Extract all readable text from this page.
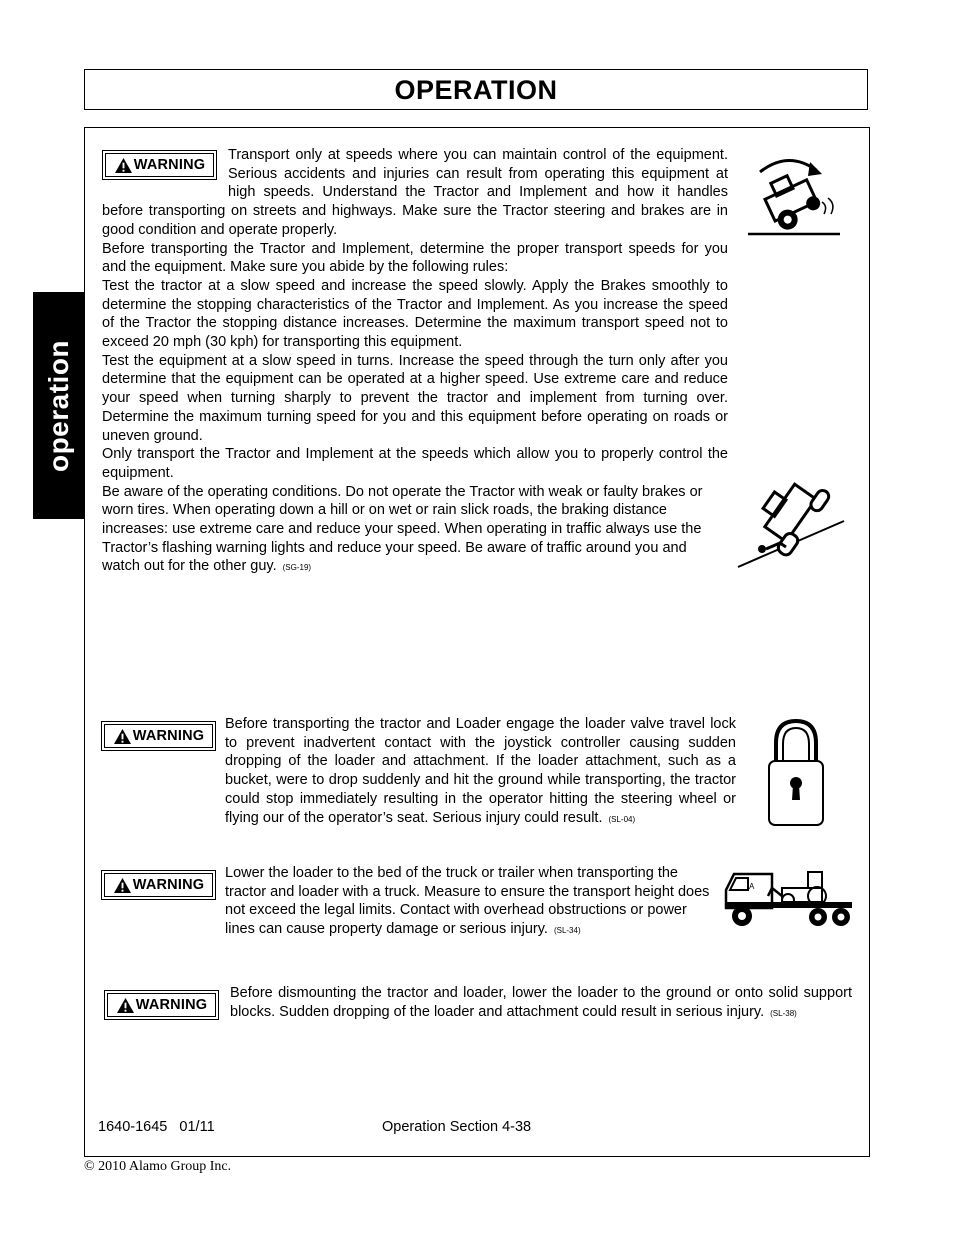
OPERATION
operation
WARNING

Transport only at speeds where you can maintain control of the equipment. Serious accidents and injuries can result from operating this equipment at high speeds. Understand the Tractor and Implement and how it handles before transporting on streets and highways. Make sure the Tractor steering and brakes are in good condition and operate properly.

Before transporting the Tractor and Implement, determine the proper transport speeds for you and the equipment. Make sure you abide by the following rules:

Test the tractor at a slow speed and increase the speed slowly. Apply the Brakes smoothly to determine the stopping characteristics of the Tractor and Implement. As you increase the speed of the Tractor the stopping distance increases. Determine the maximum transport speed not to exceed 20 mph (30 kph) for transporting this equipment.

Test the equipment at a slow speed in turns. Increase the speed through the turn only after you determine that the equipment can be operated at a higher speed. Use extreme care and reduce your speed when turning sharply to prevent the tractor and implement from turning over. Determine the maximum turning speed for you and this equipment before operating on roads or uneven ground.

Only transport the Tractor and Implement at the speeds which allow you to properly control the equipment.

Be aware of the operating conditions. Do not operate the Tractor with weak or faulty brakes or worn tires. When operating down a hill or on wet or rain slick roads, the braking distance increases: use extreme care and reduce your speed. When operating in traffic always use the Tractor’s flashing warning lights and reduce your speed. Be aware of traffic around you and watch out for the other guy. (SG-19)

WARNING

Before transporting the tractor and Loader engage the loader valve travel lock to prevent inadvertent contact with the joystick controller causing sudden dropping of the loader and attachment. If the loader attachment, such as a bucket, were to drop suddenly and hit the ground while transporting, the tractor could stop immediately resulting in the operator hitting the steering wheel or flying our of the operator’s seat. Serious injury could result. (SL-04)

WARNING

Lower the loader to the bed of the truck or trailer when transporting the tractor and loader with a truck. Measure to ensure the transport height does not exceed the legal limits. Contact with overhead obstructions or power lines can cause property damage or serious injury. (SL-34)

A
WARNING

Before dismounting the tractor and loader, lower the loader to the ground or onto solid support blocks. Sudden dropping of the loader and attachment could result in serious injury. (SL-38)

1640-1645   01/11	Operation Section 4-38
© 2010 Alamo Group Inc.
